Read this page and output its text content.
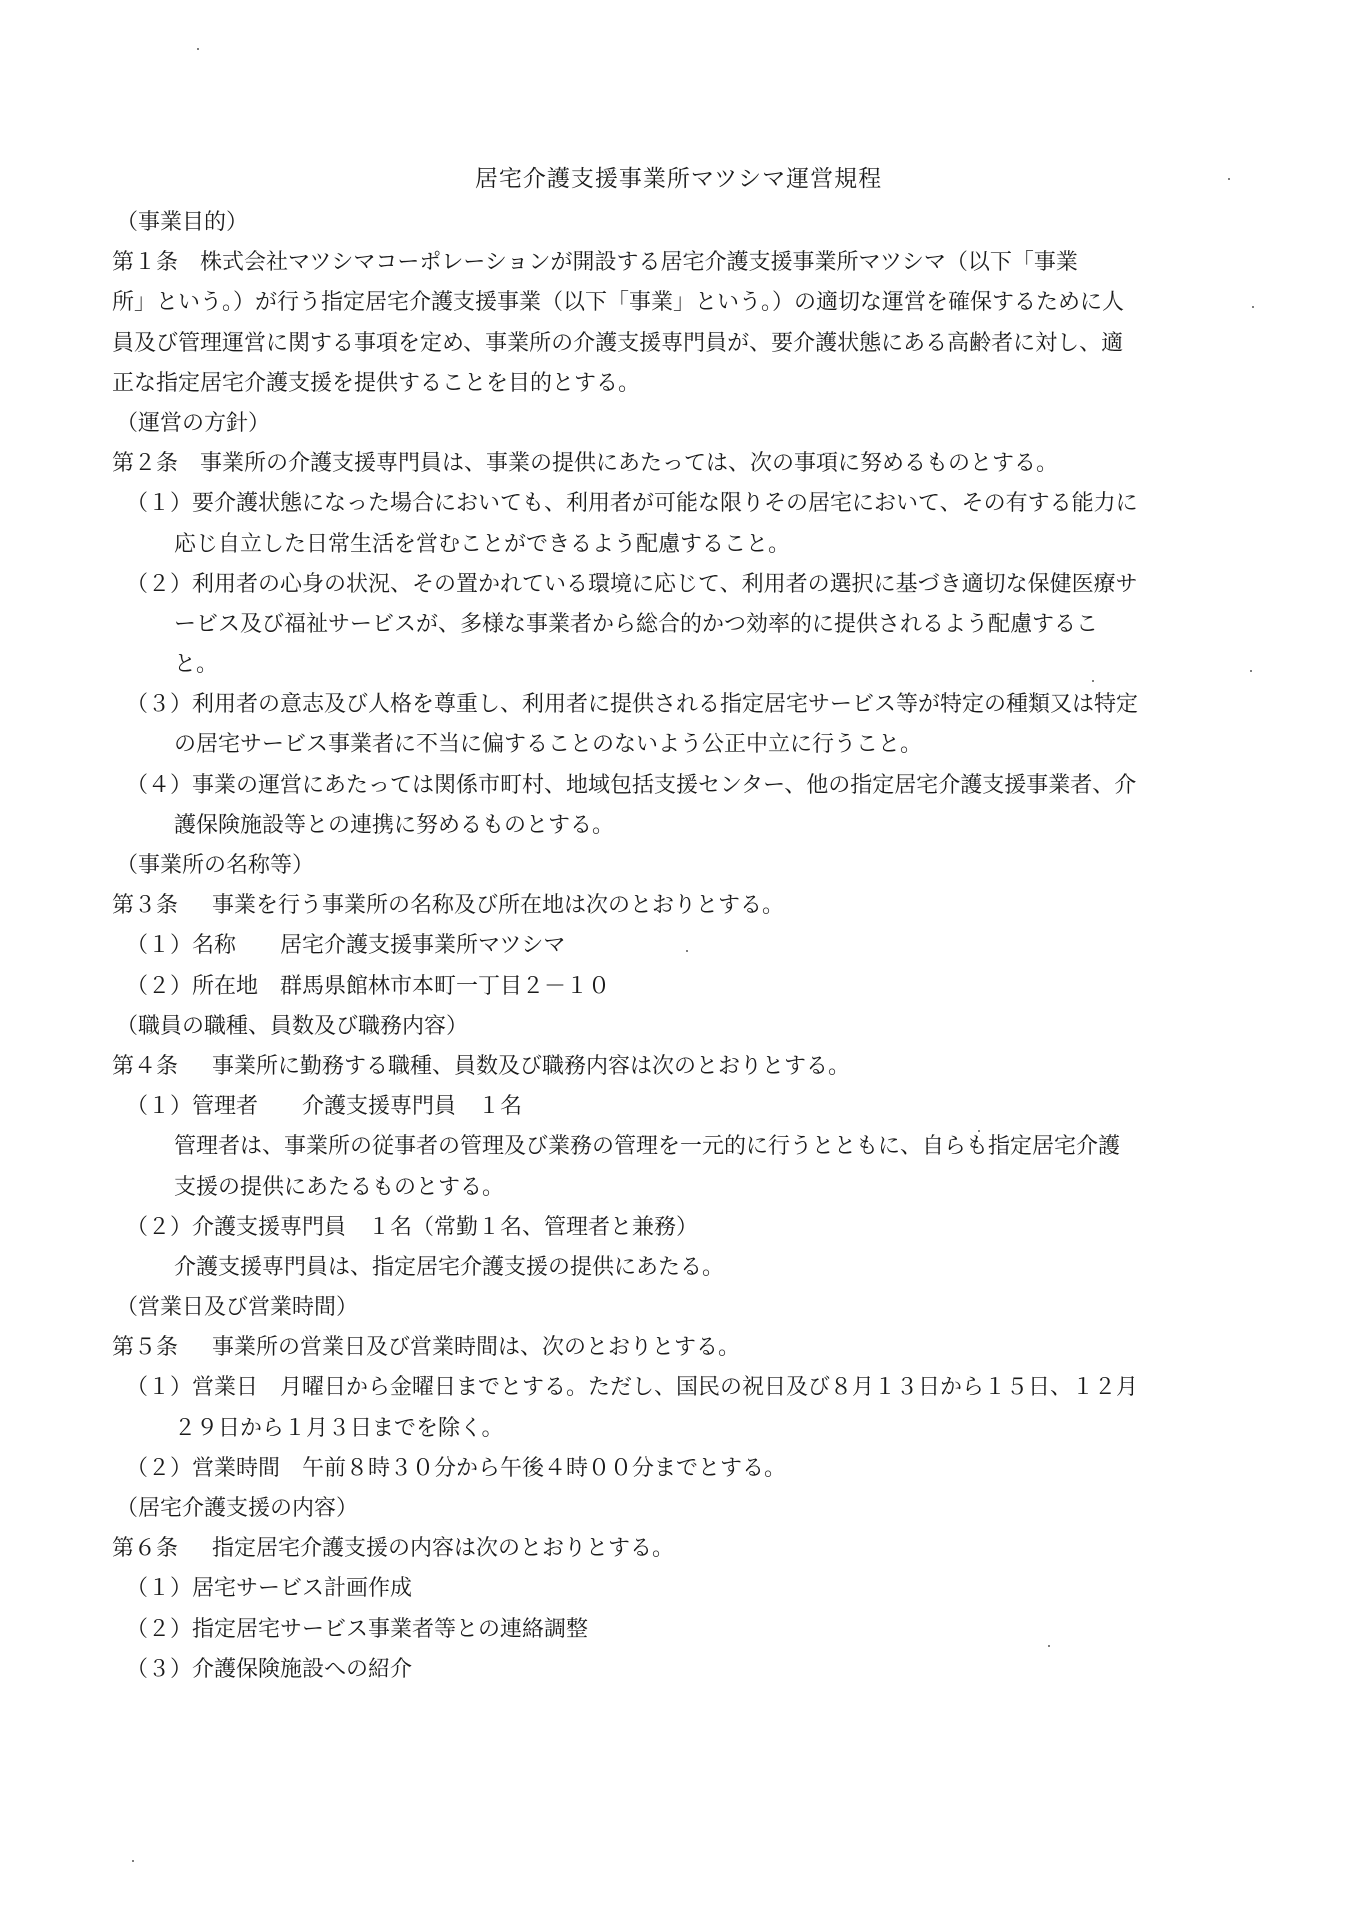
居宅介護支援事業所マツシマ運営規程
（事業目的）
第１条 株式会社マツシマコーポレーションが開設する居宅介護支援事業所マツシマ（以下「事業
所」という。）が行う指定居宅介護支援事業（以下「事業」という。）の適切な運営を確保するために人
員及び管理運営に関する事項を定め、事業所の介護支援専門員が、要介護状態にある高齢者に対し、適
正な指定居宅介護支援を提供することを目的とする。
（運営の方針）
第２条 事業所の介護支援専門員は、事業の提供にあたっては、次の事項に努めるものとする。
（１）要介護状態になった場合においても、利用者が可能な限りその居宅において、その有する能力に
応じ自立した日常生活を営むことができるよう配慮すること。
（２）利用者の心身の状況、その置かれている環境に応じて、利用者の選択に基づき適切な保健医療サ
ービス及び福祉サービスが、多様な事業者から総合的かつ効率的に提供されるよう配慮するこ
と。
（３）利用者の意志及び人格を尊重し、利用者に提供される指定居宅サービス等が特定の種類又は特定
の居宅サービス事業者に不当に偏することのないよう公正中立に行うこと。
（４）事業の運営にあたっては関係市町村、地域包括支援センター、他の指定居宅介護支援事業者、介
護保険施設等との連携に努めるものとする。
（事業所の名称等）
第３条 事業を行う事業所の名称及び所在地は次のとおりとする。
（１）名称　　居宅介護支援事業所マツシマ
（２）所在地　群馬県館林市本町一丁目２－１０
（職員の職種、員数及び職務内容）
第４条 事業所に勤務する職種、員数及び職務内容は次のとおりとする。
（１）管理者　　介護支援専門員　１名
管理者は、事業所の従事者の管理及び業務の管理を一元的に行うとともに、自らも指定居宅介護
支援の提供にあたるものとする。
（２）介護支援専門員　１名（常勤１名、管理者と兼務）
介護支援専門員は、指定居宅介護支援の提供にあたる。
（営業日及び営業時間）
第５条 事業所の営業日及び営業時間は、次のとおりとする。
（１）営業日　月曜日から金曜日までとする。ただし、国民の祝日及び８月１３日から１５日、１２月
２９日から１月３日までを除く。
（２）営業時間　午前８時３０分から午後４時００分までとする。
（居宅介護支援の内容）
第６条 指定居宅介護支援の内容は次のとおりとする。
（１）居宅サービス計画作成
（２）指定居宅サービス事業者等との連絡調整
（３）介護保険施設への紹介
